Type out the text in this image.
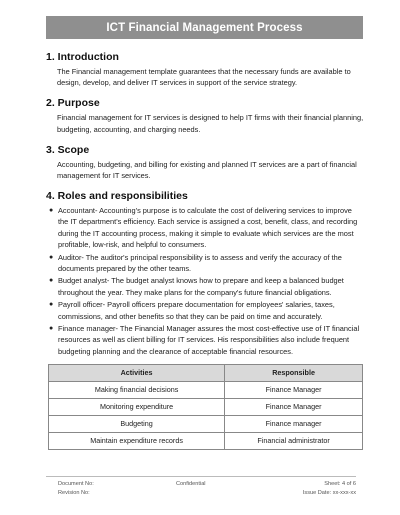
ICT Financial Management Process
1. Introduction
The Financial management template guarantees that the necessary funds are available to design, develop, and deliver IT services in support of the service strategy.
2. Purpose
Financial management for IT services is designed to help IT firms with their financial planning, budgeting, accounting, and charging needs.
3. Scope
Accounting, budgeting, and billing for existing and planned IT services are a part of financial management for IT services.
4. Roles and responsibilities
● Accountant- Accounting's purpose is to calculate the cost of delivering services to improve the IT department's efficiency. Each service is assigned a cost, benefit, class, and recording during the IT accounting process, making it simple to evaluate which services are the most profitable, low-risk, and helpful to consumers.
● Auditor- The auditor's principal responsibility is to assess and verify the accuracy of the documents prepared by the other teams.
● Budget analyst- The budget analyst knows how to prepare and keep a balanced budget throughout the year. They make plans for the company's future financial obligations.
● Payroll officer- Payroll officers prepare documentation for employees' salaries, taxes, commissions, and other benefits so that they can be paid on time and accurately.
● Finance manager- The Financial Manager assures the most cost-effective use of IT financial resources as well as client billing for IT services. His responsibilities also include frequent budgeting planning and the clearance of acceptable financial resources.
Activities	Responsible
Making financial decisions	Finance Manager
Monitoring expenditure	Finance Manager
Budgeting	Finance manager
Maintain expenditure records	Financial administrator
Document No:
Revision No:
Confidential	Sheet: 4 of 6
Issue Date: xx-xxx-xx
